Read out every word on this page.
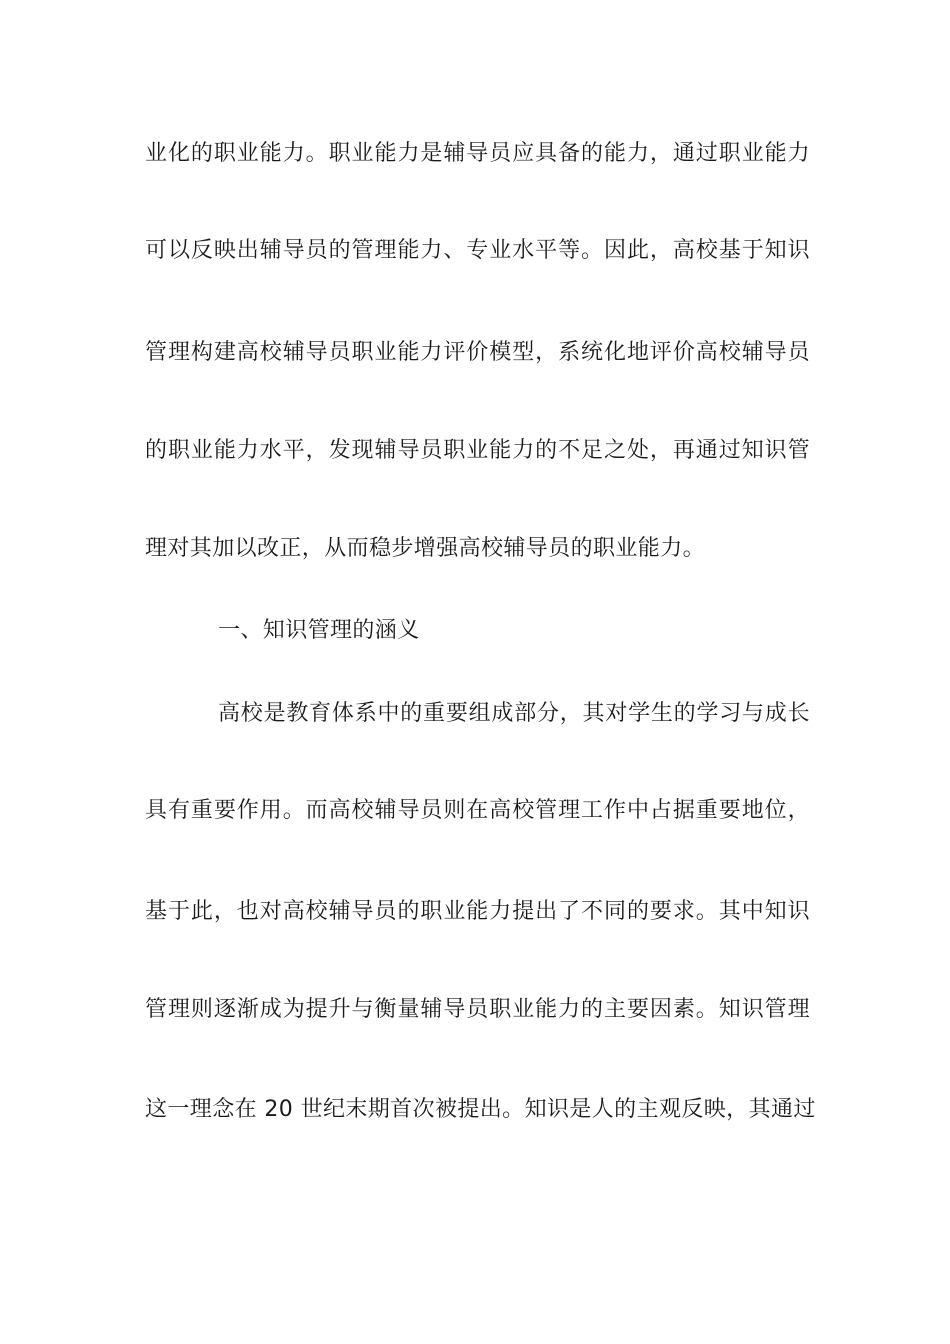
业化的职业能力。职业能力是辅导员应具备的能力，通过职业能力
可以反映出辅导员的管理能力、专业水平等。因此，高校基于知识
管理构建高校辅导员职业能力评价模型，系统化地评价高校辅导员
的职业能力水平，发现辅导员职业能力的不足之处，再通过知识管
理对其加以改正，从而稳步增强高校辅导员的职业能力。
一、知识管理的涵义
高校是教育体系中的重要组成部分，其对学生的学习与成长
具有重要作用。而高校辅导员则在高校管理工作中占据重要地位，
基于此，也对高校辅导员的职业能力提出了不同的要求。其中知识
管理则逐渐成为提升与衡量辅导员职业能力的主要因素。知识管理
这一理念在 20 世纪末期首次被提出。知识是人的主观反映，其通过
